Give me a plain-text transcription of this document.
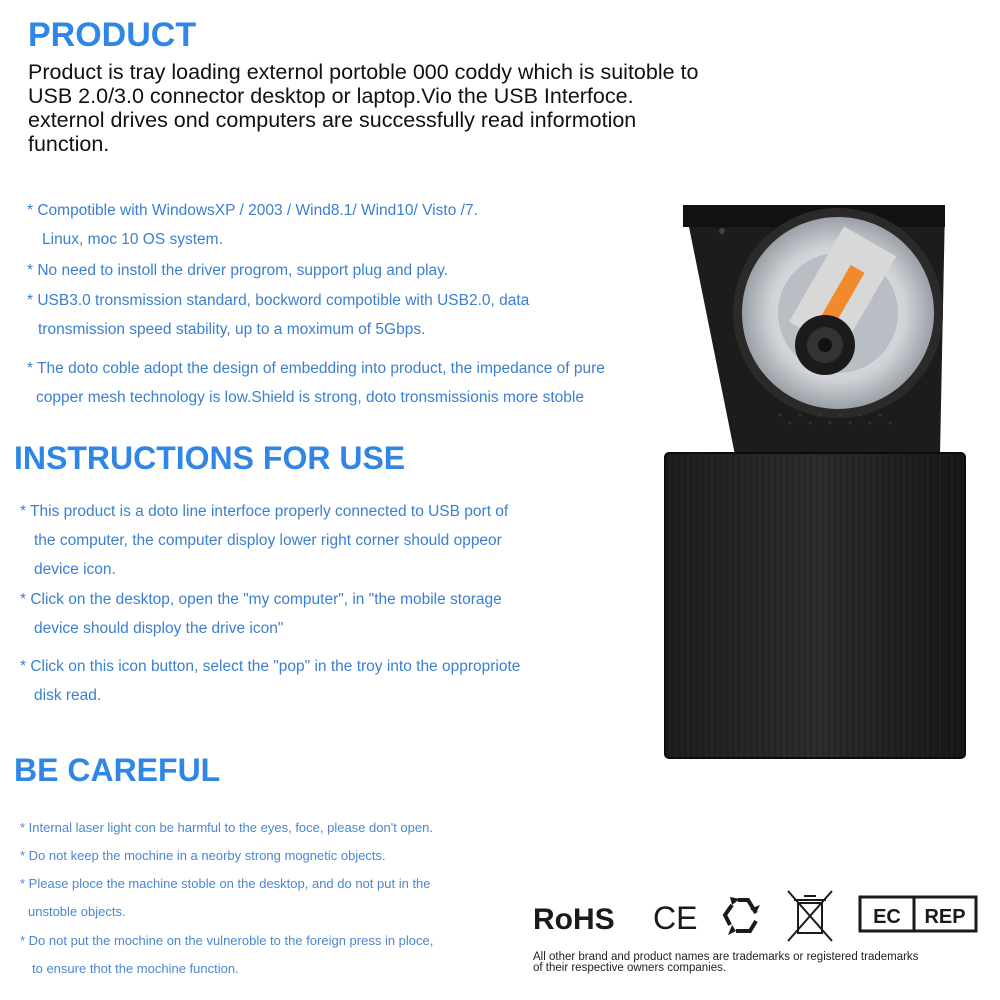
PRODUCT
Product is tray loading externol portoble 000 coddy which is suitoble to
USB 2.0/3.0 connector desktop or laptop.Vio the USB Interfoce.
externol drives ond computers are successfully read informotion
function.
* Compotible with WindowsXP / 2003 / Wind8.1/ Wind10/ Visto /7.
Linux, moc 10 OS system.
* No need to instoll the driver progrom, support plug and play.
* USB3.0 tronsmission standard, bockword compotible with USB2.0, data
tronsmission speed stability, up to a moximum of 5Gbps.
* The doto coble adopt the design of embedding into product, the impedance of pure
copper mesh technology is low.Shield is strong, doto tronsmissionis more stoble
INSTRUCTIONS FOR USE
* This product is a doto line interfoce properly connected to USB port of
the computer, the computer disploy lower right corner should oppeor
device icon.
* Click on the desktop, open the "my computer", in "the mobile storage
device should disploy the drive icon"
* Click on this icon button, select the "pop" in the troy into the oppropriote
disk read.
BE CAREFUL
* Internal laser light con be harmful to the eyes, foce, please don't open.
* Do not keep the mochine in a neorby strong mognetic objects.
* Please ploce the machine stoble on the desktop, and do not put in the
unstoble objects.
* Do not put the mochine on the vulneroble to the foreign press in ploce,
to ensure thot the mochine function.
RoHS CE	EC REP
All other brand and product names are trademarks or registered trademarks
of their respective owners companies.
